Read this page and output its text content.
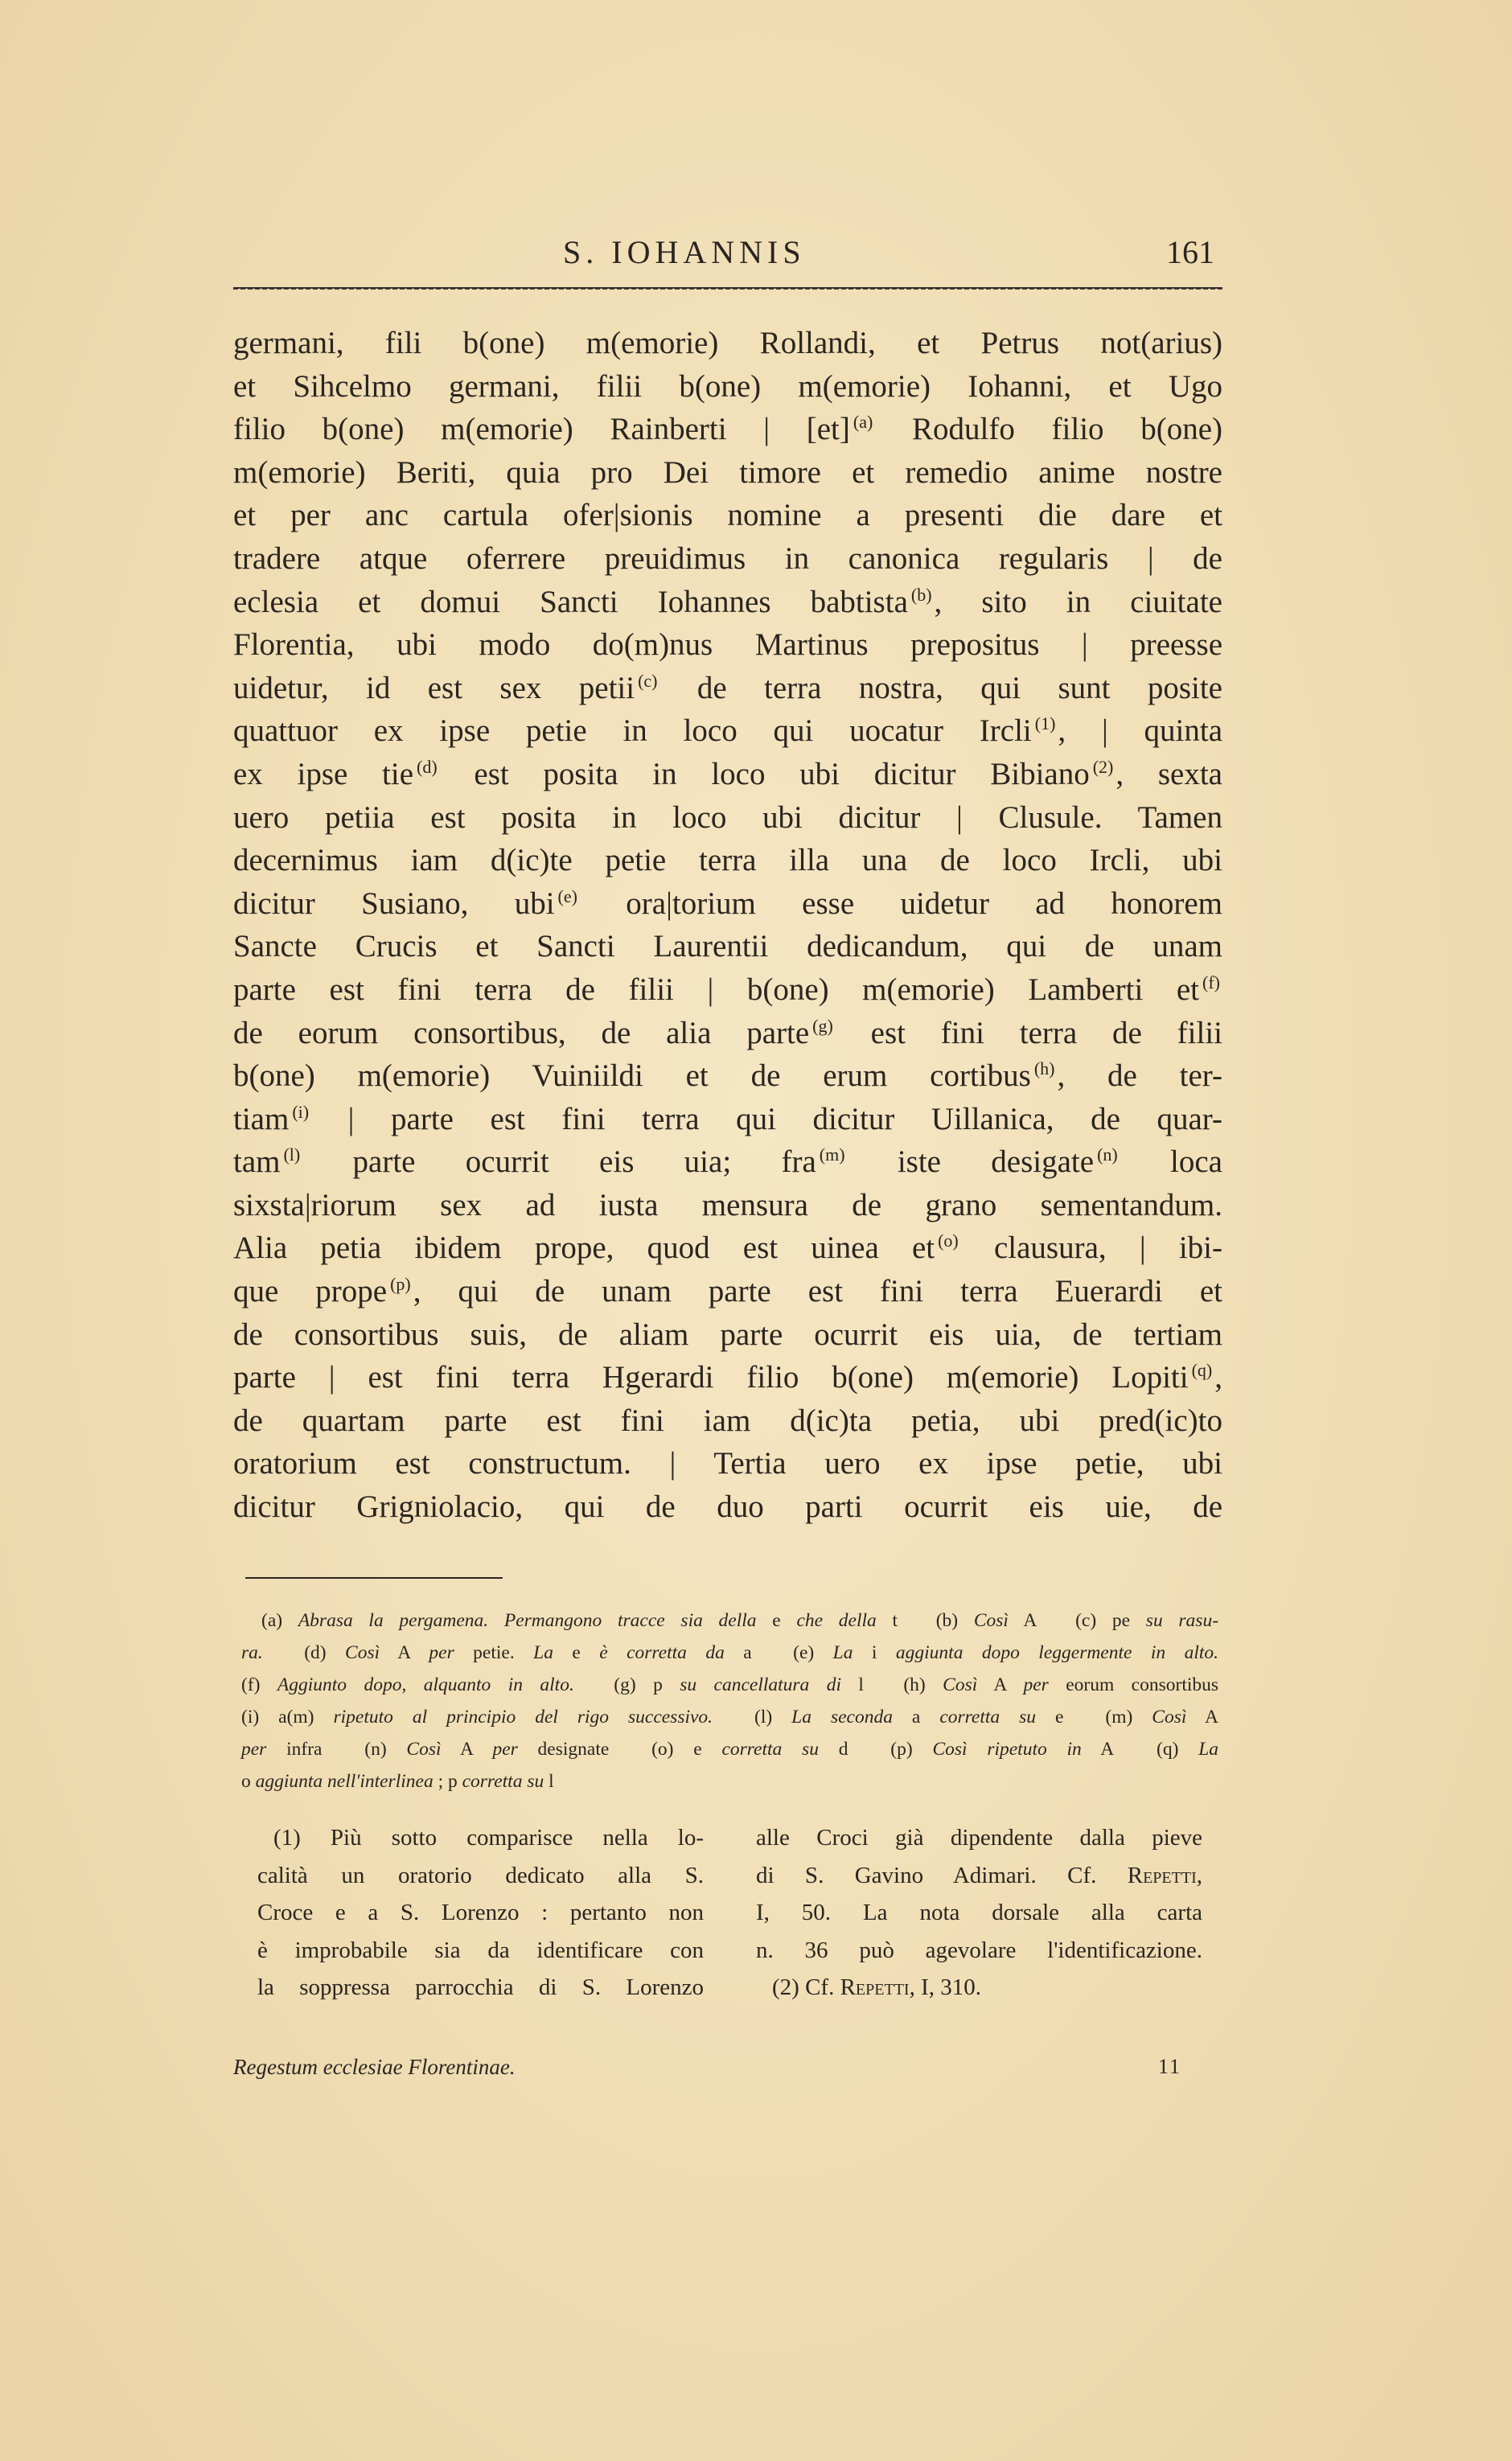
S. IOHANNIS	161
germani, fili b(one) m(emorie) Rollandi, et Petrus not(arius)
et Sihcelmo germani, filii b(one) m(emorie) Iohanni, et Ugo
filio b(one) m(emorie) Rainberti | [et] $^{(a)}$ Rodulfo filio b(one)
m(emorie) Beriti, quia pro Dei timore et remedio anime nostre
et per anc cartula ofer|sionis nomine a presenti die dare et
tradere atque oferrere preuidimus in canonica regularis | de
eclesia et domui Sancti Iohannes babtista $^{(b)}$, sito in ciuitate
Florentia, ubi modo do(m)nus Martinus prepositus | preesse
uidetur, id est sex petii $^{(c)}$ de terra nostra, qui sunt posite
quattuor ex ipse petie in loco qui uocatur Ircli $^{(1)}$, | quinta
ex ipse tie $^{(d)}$ est posita in loco ubi dicitur Bibiano $^{(2)}$, sexta
uero petiia est posita in loco ubi dicitur | Clusule. Tamen
decernimus iam d(ic)te petie terra illa una de loco Ircli, ubi
dicitur Susiano, ubi $^{(e)}$ ora|torium esse uidetur ad honorem
Sancte Crucis et Sancti Laurentii dedicandum, qui de unam
parte est fini terra de filii | b(one) m(emorie) Lamberti et $^{(f)}$
de eorum consortibus, de alia parte $^{(g)}$ est fini terra de filii
b(one) m(emorie) Vuiniildi et de erum cortibus $^{(h)}$, de ter-
tiam $^{(i)}$ | parte est fini terra qui dicitur Uillanica, de quar-
tam $^{(l)}$ parte ocurrit eis uia; fra $^{(m)}$ iste desigate $^{(n)}$ loca
sixsta|riorum sex ad iusta mensura de grano sementandum.
Alia petia ibidem prope, quod est uinea et $^{(o)}$ clausura, | ibi-
que prope $^{(p)}$, qui de unam parte est fini terra Euerardi et
de consortibus suis, de aliam parte ocurrit eis uia, de tertiam
parte | est fini terra Hgerardi filio b(one) m(emorie) Lopiti $^{(q)}$,
de quartam parte est fini iam d(ic)ta petia, ubi pred(ic)to
oratorium est constructum. | Tertia uero ex ipse petie, ubi
dicitur Grigniolacio, qui de duo parti ocurrit eis uie, de
(a) Abrasa la pergamena. Permangono tracce sia della e che della t (b) Così A (c) pe su rasu-
ra. (d) Così A per petie. La e è corretta da a (e) La i aggiunta dopo leggermente in alto.
(f) Aggiunto dopo, alquanto in alto. (g) p su cancellatura di l (h) Così A per eorum consortibus
(i) a(m) ripetuto al principio del rigo successivo. (l) La seconda a corretta su e (m) Così A
per infra (n) Così A per designate (o) e corretta su d (p) Così ripetuto in A (q) La
o aggiunta nell'interlinea ; p corretta su l
(1) Più sotto comparisce nella lo-
calità un oratorio dedicato alla S.
Croce e a S. Lorenzo : pertanto non
è improbabile sia da identificare con
la soppressa parrocchia di S. Lorenzo
alle Croci già dipendente dalla pieve
di S. Gavino Adimari. Cf. Repetti,
I, 50. La nota dorsale alla carta
n. 36 può agevolare l'identificazione.
(2) Cf. Repetti, I, 310.
Regestum ecclesiae Florentinae.	11
